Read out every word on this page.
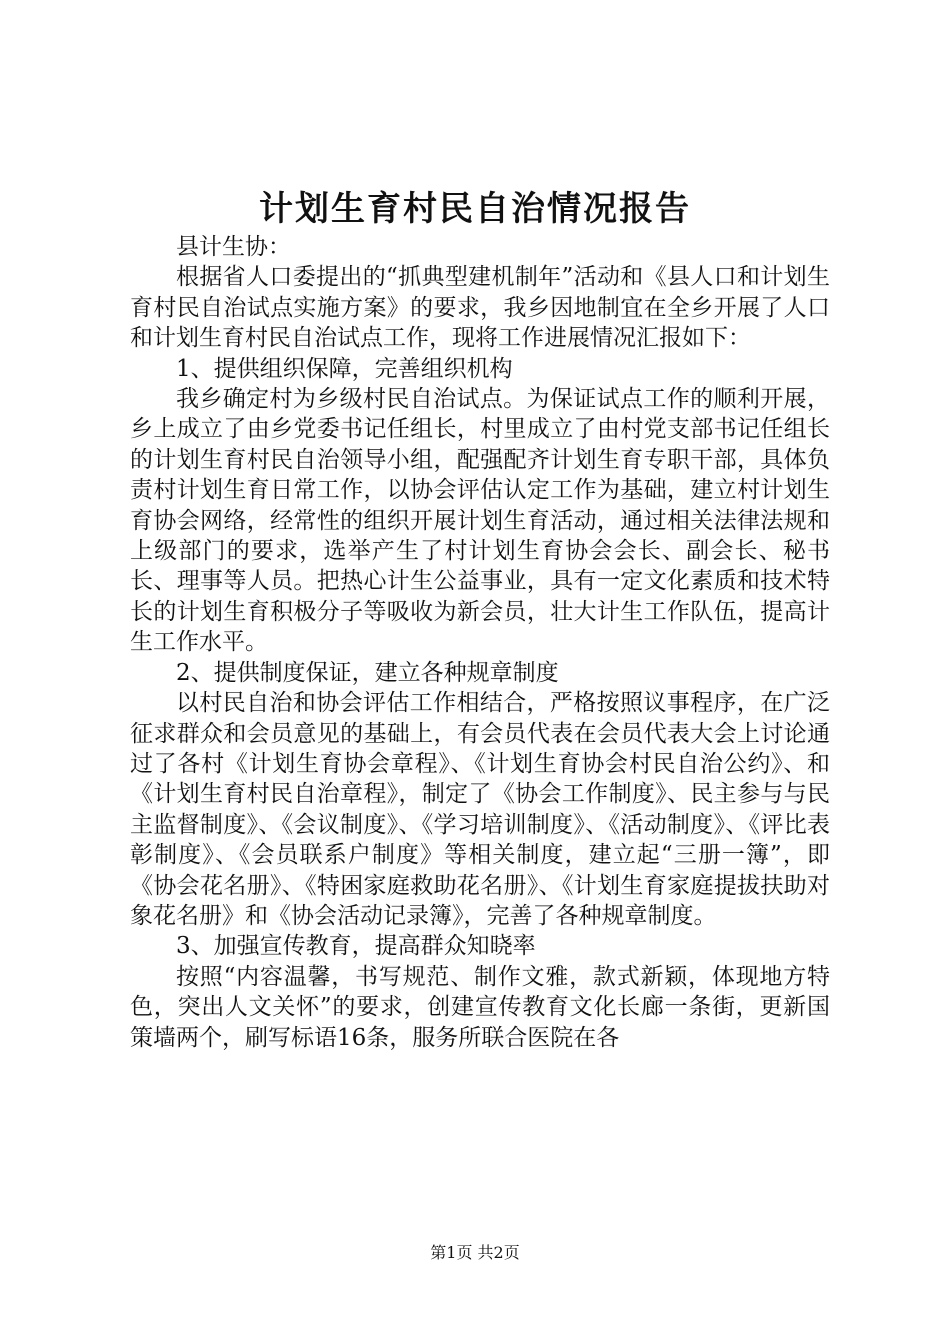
计划生育村民自治情况报告

县计生协：

根据省人口委提出的“抓典型建机制年”活动和《县人口和计划生育村民自治试点实施方案》的要求，我乡因地制宜在全乡开展了人口和计划生育村民自治试点工作，现将工作进展情况汇报如下：

1、提供组织保障，完善组织机构

我乡确定村为乡级村民自治试点。为保证试点工作的顺利开展，乡上成立了由乡党委书记任组长，村里成立了由村党支部书记任组长的计划生育村民自治领导小组，配强配齐计划生育专职干部，具体负责村计划生育日常工作，以协会评估认定工作为基础，建立村计划生育协会网络，经常性的组织开展计划生育活动，通过相关法律法规和上级部门的要求，选举产生了村计划生育协会会长、副会长、秘书长、理事等人员。把热心计生公益事业，具有一定文化素质和技术特长的计划生育积极分子等吸收为新会员，壮大计生工作队伍，提高计生工作水平。

2、提供制度保证，建立各种规章制度

以村民自治和协会评估工作相结合，严格按照议事程序，在广泛征求群众和会员意见的基础上，有会员代表在会员代表大会上讨论通过了各村《计划生育协会章程》、《计划生育协会村民自治公约》、和《计划生育村民自治章程》，制定了《协会工作制度》、民主参与与民主监督制度》、《会议制度》、《学习培训制度》、《活动制度》、《评比表彰制度》、《会员联系户制度》等相关制度，建立起“三册一簿”，即《协会花名册》、《特困家庭救助花名册》、《计划生育家庭提拔扶助对象花名册》和《协会活动记录簿》，完善了各种规章制度。

3、加强宣传教育，提高群众知晓率

按照“内容温馨，书写规范、制作文雅，款式新颖，体现地方特色，突出人文关怀”的要求，创建宣传教育文化长廊一条街，更新国策墙两个，刷写标语16条，服务所联合医院在各

第1页 共2页
